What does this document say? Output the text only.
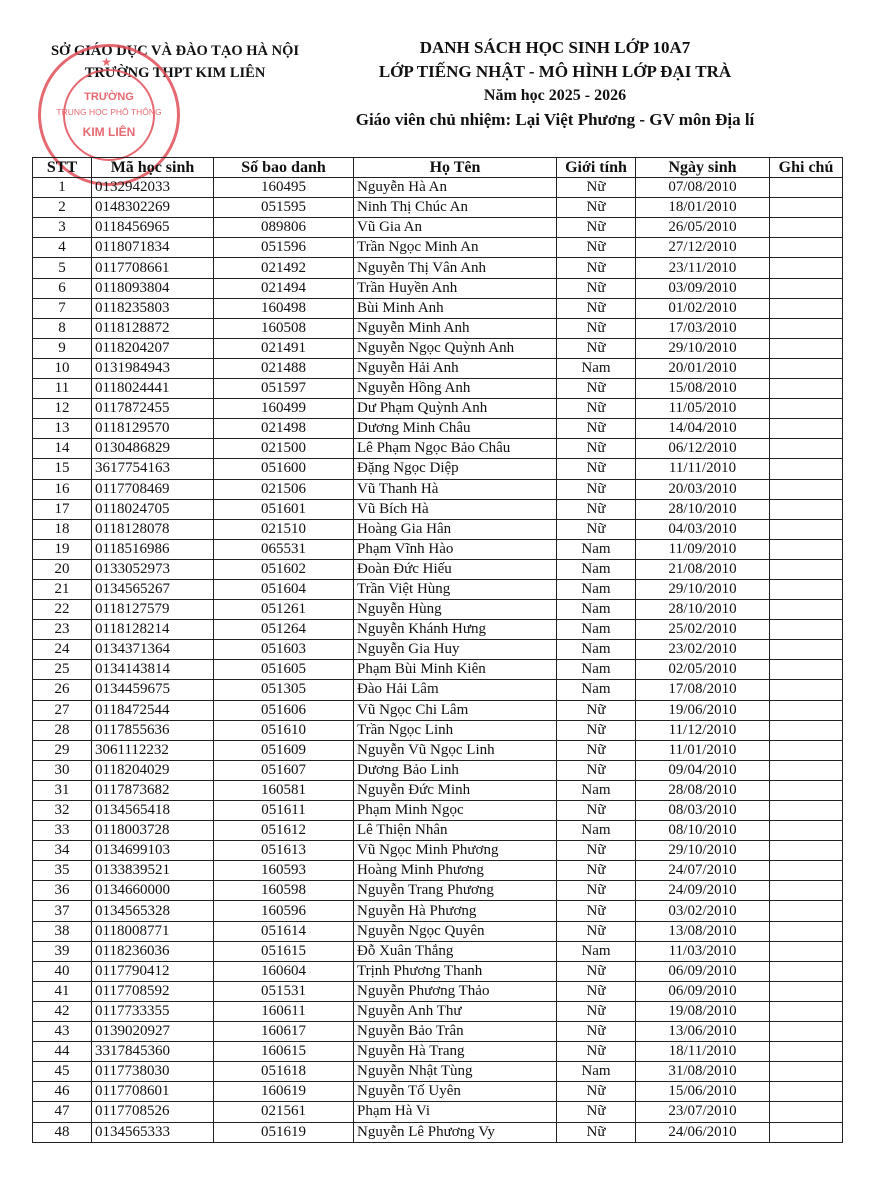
SỞ GIÁO DỤC VÀ ĐÀO TẠO HÀ NỘI
TRƯỜNG THPT KIM LIÊN
★
TRƯỜNG
TRUNG HỌC PHỔ THÔNG
KIM LIÊN
DANH SÁCH HỌC SINH LỚP 10A7
LỚP TIẾNG NHẬT - MÔ HÌNH LỚP ĐẠI TRÀ
Năm học 2025 - 2026
Giáo viên chủ nhiệm: Lại Việt Phương - GV môn Địa lí
STT	Mã học sinh	Số bao danh	Họ Tên	Giới tính	Ngày sinh	Ghi chú
1	0132942033	160495	Nguyễn Hà An	Nữ	07/08/2010	
2	0148302269	051595	Ninh Thị Chúc An	Nữ	18/01/2010	
3	0118456965	089806	Vũ Gia An	Nữ	26/05/2010	
4	0118071834	051596	Trần Ngọc Minh An	Nữ	27/12/2010	
5	0117708661	021492	Nguyễn Thị Vân Anh	Nữ	23/11/2010	
6	0118093804	021494	Trần Huyền Anh	Nữ	03/09/2010	
7	0118235803	160498	Bùi Minh Anh	Nữ	01/02/2010	
8	0118128872	160508	Nguyễn Minh Anh	Nữ	17/03/2010	
9	0118204207	021491	Nguyễn Ngọc Quỳnh Anh	Nữ	29/10/2010	
10	0131984943	021488	Nguyễn Hải Anh	Nam	20/01/2010	
11	0118024441	051597	Nguyễn Hồng Anh	Nữ	15/08/2010	
12	0117872455	160499	Dư Phạm Quỳnh Anh	Nữ	11/05/2010	
13	0118129570	021498	Dương Minh Châu	Nữ	14/04/2010	
14	0130486829	021500	Lê Phạm Ngọc Bảo Châu	Nữ	06/12/2010	
15	3617754163	051600	Đặng Ngọc Diệp	Nữ	11/11/2010	
16	0117708469	021506	Vũ Thanh Hà	Nữ	20/03/2010	
17	0118024705	051601	Vũ Bích Hà	Nữ	28/10/2010	
18	0118128078	021510	Hoàng Gia Hân	Nữ	04/03/2010	
19	0118516986	065531	Phạm Vĩnh Hào	Nam	11/09/2010	
20	0133052973	051602	Đoàn Đức Hiếu	Nam	21/08/2010	
21	0134565267	051604	Trần Việt Hùng	Nam	29/10/2010	
22	0118127579	051261	Nguyễn Hùng	Nam	28/10/2010	
23	0118128214	051264	Nguyễn Khánh Hưng	Nam	25/02/2010	
24	0134371364	051603	Nguyễn Gia Huy	Nam	23/02/2010	
25	0134143814	051605	Phạm Bùi Minh Kiên	Nam	02/05/2010	
26	0134459675	051305	Đào Hải Lâm	Nam	17/08/2010	
27	0118472544	051606	Vũ Ngọc Chi Lâm	Nữ	19/06/2010	
28	0117855636	051610	Trần Ngọc Linh	Nữ	11/12/2010	
29	3061112232	051609	Nguyễn Vũ Ngọc Linh	Nữ	11/01/2010	
30	0118204029	051607	Dương Bảo Linh	Nữ	09/04/2010	
31	0117873682	160581	Nguyễn Đức Minh	Nam	28/08/2010	
32	0134565418	051611	Phạm Minh Ngọc	Nữ	08/03/2010	
33	0118003728	051612	Lê Thiện Nhân	Nam	08/10/2010	
34	0134699103	051613	Vũ Ngọc Minh Phương	Nữ	29/10/2010	
35	0133839521	160593	Hoàng Minh Phương	Nữ	24/07/2010	
36	0134660000	160598	Nguyễn Trang Phương	Nữ	24/09/2010	
37	0134565328	160596	Nguyễn Hà Phương	Nữ	03/02/2010	
38	0118008771	051614	Nguyễn Ngọc Quyên	Nữ	13/08/2010	
39	0118236036	051615	Đỗ Xuân Thắng	Nam	11/03/2010	
40	0117790412	160604	Trịnh Phương Thanh	Nữ	06/09/2010	
41	0117708592	051531	Nguyễn Phương Thảo	Nữ	06/09/2010	
42	0117733355	160611	Nguyễn Anh Thư	Nữ	19/08/2010	
43	0139020927	160617	Nguyễn Bảo Trân	Nữ	13/06/2010	
44	3317845360	160615	Nguyễn Hà Trang	Nữ	18/11/2010	
45	0117738030	051618	Nguyễn Nhật Tùng	Nam	31/08/2010	
46	0117708601	160619	Nguyễn Tố Uyên	Nữ	15/06/2010	
47	0117708526	021561	Phạm Hà Vi	Nữ	23/07/2010	
48	0134565333	051619	Nguyễn Lê Phương Vy	Nữ	24/06/2010	
